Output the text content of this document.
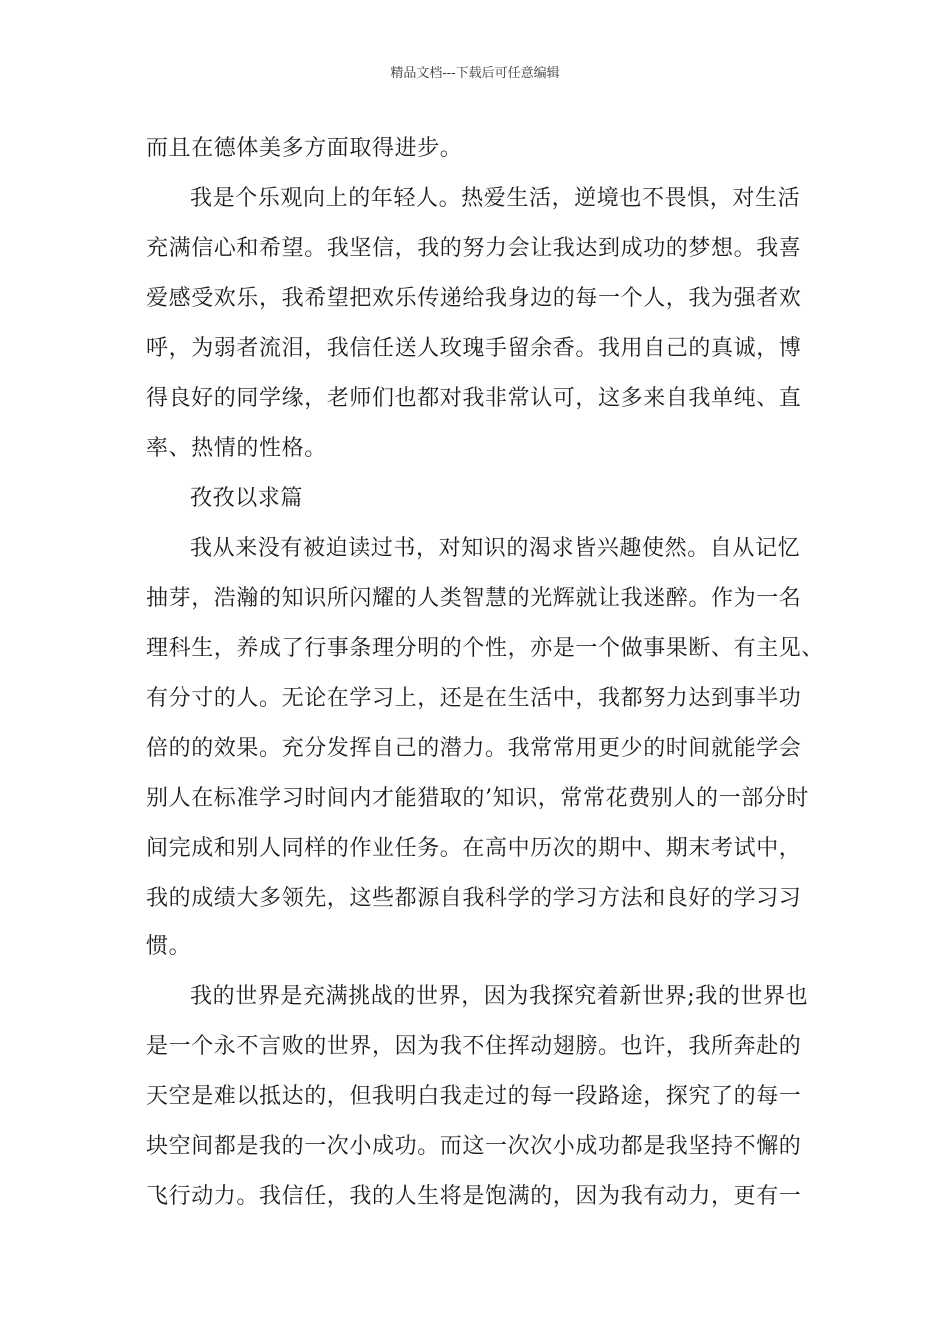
精品文档---下载后可任意编辑
而且在德体美多方面取得进步。
我是个乐观向上的年轻人。热爱生活，逆境也不畏惧，对生活
充满信心和希望。我坚信，我的努力会让我达到成功的梦想。我喜
爱感受欢乐，我希望把欢乐传递给我身边的每一个人，我为强者欢
呼，为弱者流泪，我信任送人玫瑰手留余香。我用自己的真诚，博
得良好的同学缘，老师们也都对我非常认可，这多来自我单纯、直
率、热情的性格。
孜孜以求篇
我从来没有被迫读过书，对知识的渴求皆兴趣使然。自从记忆
抽芽，浩瀚的知识所闪耀的人类智慧的光辉就让我迷醉。作为一名
理科生，养成了行事条理分明的个性，亦是一个做事果断、有主见、
有分寸的人。无论在学习上，还是在生活中，我都努力达到事半功
倍的的效果。充分发挥自己的潜力。我常常用更少的时间就能学会
别人在标准学习时间内才能猎取的’知识，常常花费别人的一部分时
间完成和别人同样的作业任务。在高中历次的期中、期末考试中，
我的成绩大多领先，这些都源自我科学的学习方法和良好的学习习
惯。
我的世界是充满挑战的世界，因为我探究着新世界;我的世界也
是一个永不言败的世界，因为我不住挥动翅膀。也许，我所奔赴的
天空是难以抵达的，但我明白我走过的每一段路途，探究了的每一
块空间都是我的一次小成功。而这一次次小成功都是我坚持不懈的
飞行动力。我信任，我的人生将是饱满的，因为我有动力，更有一
